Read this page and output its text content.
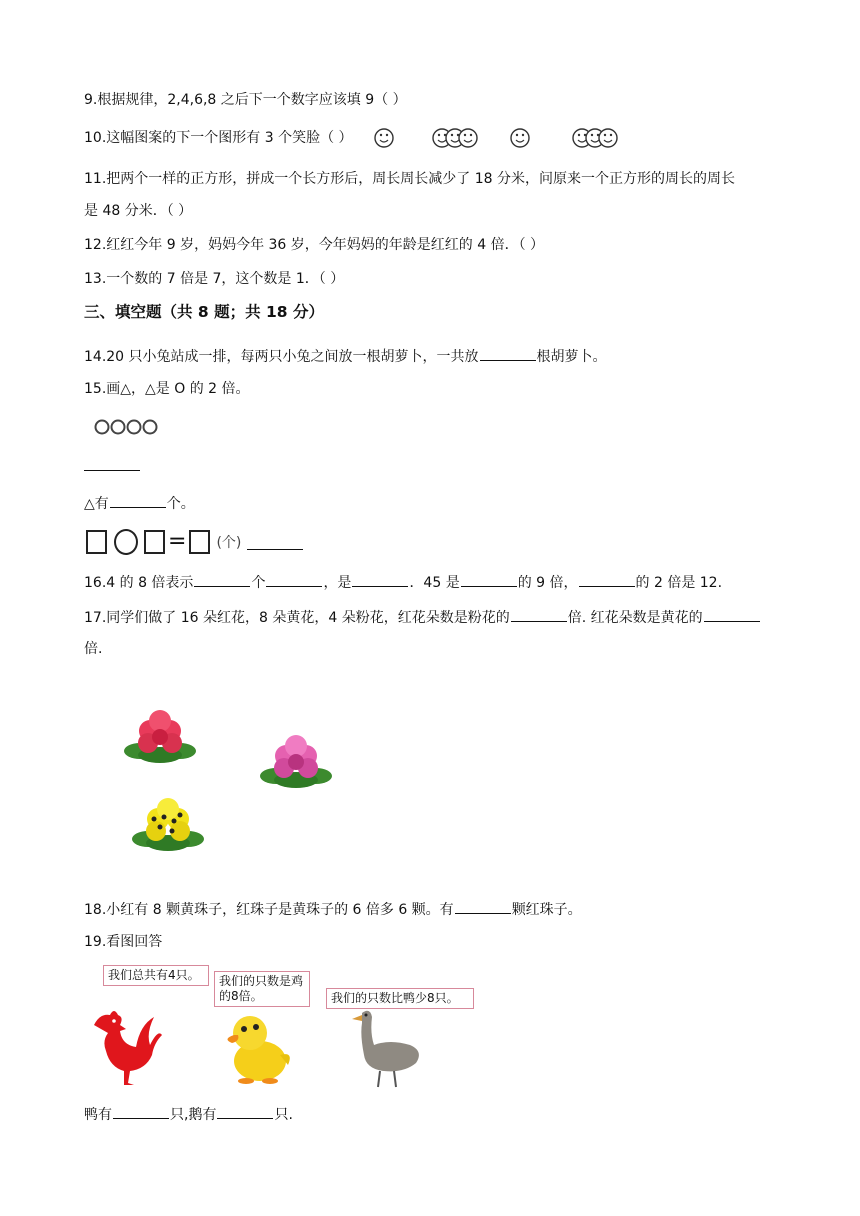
9.根据规律，2,4,6,8 之后下一个数字应该填 9（ ）
10.这幅图案的下一个图形有 3 个笑脸（ ）
11.把两个一样的正方形，拼成一个长方形后，周长周长减少了 18 分米，问原来一个正方形的周长的周长
是 48 分米．（ ）
12.红红今年 9 岁，妈妈今年 36 岁，今年妈妈的年龄是红红的 4 倍．（ ）
13.一个数的 7 倍是 7，这个数是 1．（ ）
三、填空题（共 8 题；共 18 分）
14.20 只小兔站成一排，每两只小兔之间放一根胡萝卜，一共放	根胡萝卜。
15.画△，△是 O 的 2 倍。
△有	个。
= (个)
16.4 的 8 倍表示	个	，是	．45 是	的 9 倍，	的 2 倍是 12.
17.同学们做了 16 朵红花，8 朵黄花，4 朵粉花，红花朵数是粉花的	倍. 红花朵数是黄花的
倍.
18.小红有 8 颗黄珠子，红珠子是黄珠子的 6 倍多 6 颗。有	颗红珠子。
19.看图回答
我们总共有4只。	我们的只数是鸡的8倍。	我们的只数比鸭少8只。
鸭有	只,鹅有	只.
